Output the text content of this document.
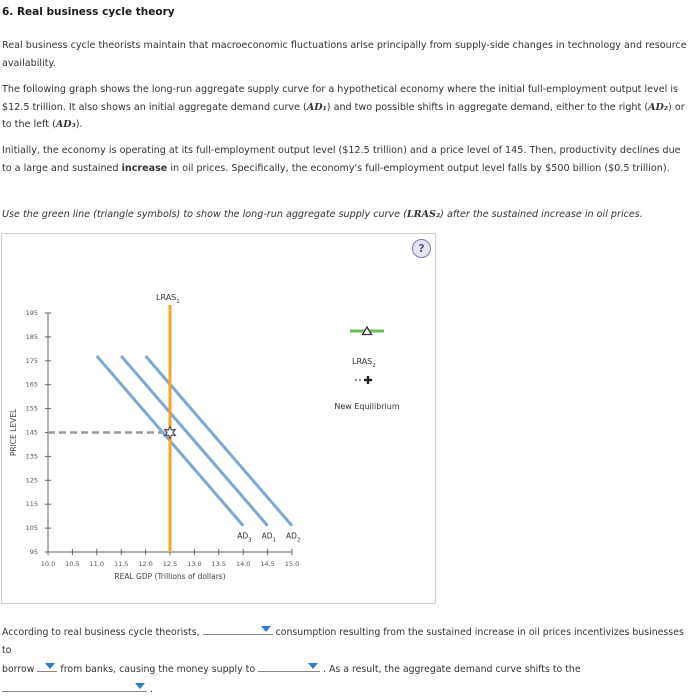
6. Real business cycle theory

Real business cycle theorists maintain that macroeconomic fluctuations arise principally from supply-side changes in technology and resource availability.

The following graph shows the long-run aggregate supply curve for a hypothetical economy where the initial full-employment output level is $12.5 trillion. It also shows an initial aggregate demand curve (AD₁) and two possible shifts in aggregate demand, either to the right (AD₂) or to the left (AD₃).

Initially, the economy is operating at its full-employment output level ($12.5 trillion) and a price level of 145. Then, productivity declines due to a large and sustained increase in oil prices. Specifically, the economy's full-employment output level falls by $500 billion ($0.5 trillion).

Use the green line (triangle symbols) to show the long-run aggregate supply curve (LRAS₂) after the sustained increase in oil prices.

?
10.0 10.5 11.0 11.5 12.0 12.5 13.0 13.5 14.0 14.5 15.0
95
105
115
125
135
145
155
165
175
185
195
REAL GDP (Trillions of dollars)
PRICE LEVEL
$AD_3$ $AD_1$ $AD_2$
$LRAS_1$
$LRAS_2$
New Equilibrium
According to real business cycle theorists,	consumption resulting from the sustained increase in oil prices incentivizes businesses to
borrow	from banks, causing the money supply to	. As a result, the aggregate demand curve shifts to the

.
